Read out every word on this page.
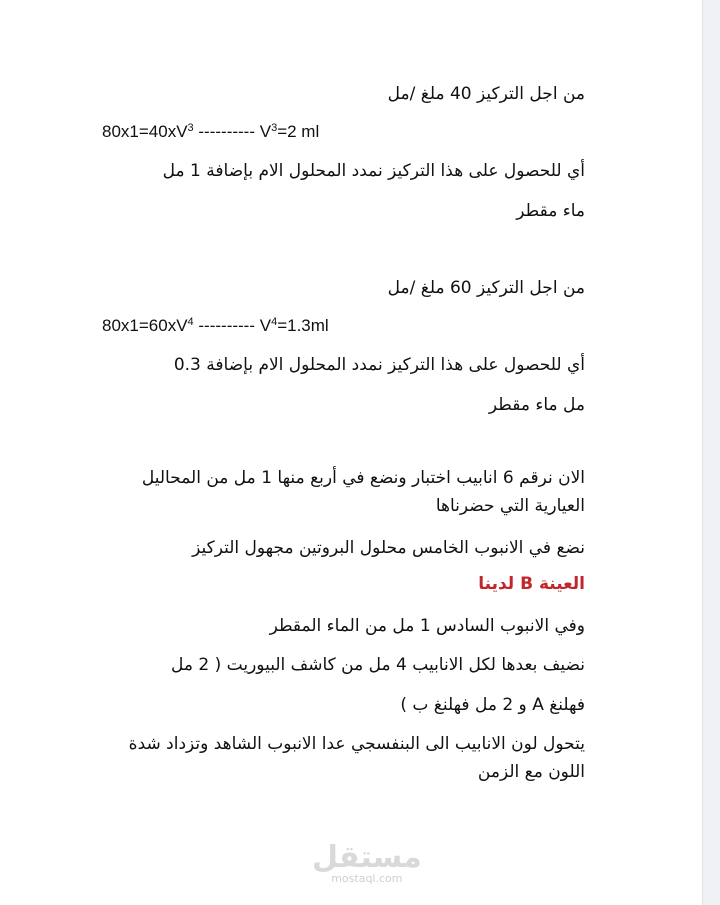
من اجل التركيز 40 ملغ /مل
$80x1=40xV^3$ ---------- $V^3=2$ ml
أي للحصول على هذا التركيز نمدد المحلول الام بإضافة 1 مل
ماء مقطر
من اجل التركيز 60 ملغ /مل
$80x1=60xV^4$ ---------- $V^4=1.3ml$
أي للحصول على هذا التركيز نمدد المحلول الام بإضافة 0.3
مل ماء مقطر
الان نرقم 6 انابيب اختبار ونضع في أربع منها 1 مل من المحاليل
العيارية التي حضرناها
نضع في الانبوب الخامس محلول البروتين مجهول التركيز
العينة B لدينا
وفي الانبوب السادس 1 مل من الماء المقطر
نضيف بعدها لكل الانابيب 4 مل من كاشف البيوريت ( 2 مل
فهلنغ A و 2 مل فهلنغ ب )
يتحول لون الانابيب الى البنفسجي عدا الانبوب الشاهد وتزداد شدة
اللون مع الزمن
مستقل
mostaql.com
